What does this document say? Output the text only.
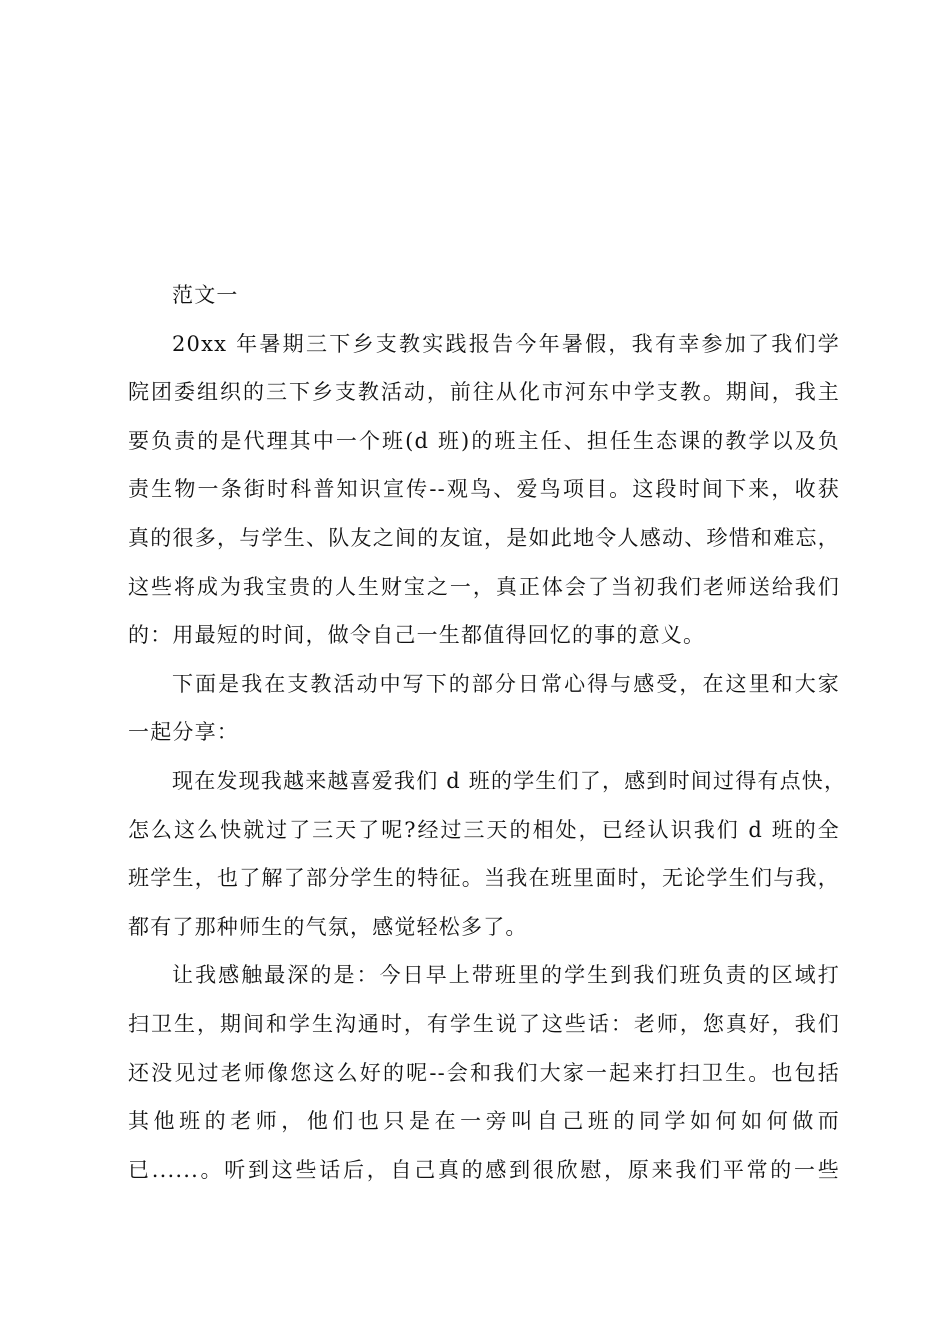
范文一

20xx 年暑期三下乡支教实践报告今年暑假，我有幸参加了我们学
院团委组织的三下乡支教活动，前往从化市河东中学支教。期间，我主
要负责的是代理其中一个班(d 班)的班主任、担任生态课的教学以及负
责生物一条街时科普知识宣传--观鸟、爱鸟项目。这段时间下来，收获
真的很多，与学生、队友之间的友谊，是如此地令人感动、珍惜和难忘，
这些将成为我宝贵的人生财宝之一，真正体会了当初我们老师送给我们
的：用最短的时间，做令自己一生都值得回忆的事的意义。

下面是我在支教活动中写下的部分日常心得与感受，在这里和大家
一起分享：

现在发现我越来越喜爱我们 d 班的学生们了，感到时间过得有点快，
怎么这么快就过了三天了呢?经过三天的相处，已经认识我们 d 班的全
班学生，也了解了部分学生的特征。当我在班里面时，无论学生们与我，
都有了那种师生的气氛，感觉轻松多了。

让我感触最深的是：今日早上带班里的学生到我们班负责的区域打
扫卫生，期间和学生沟通时，有学生说了这些话：老师，您真好，我们
还没见过老师像您这么好的呢--会和我们大家一起来打扫卫生。也包括
其他班的老师，他们也只是在一旁叫自己班的同学如何如何做而
已......。听到这些话后，自己真的感到很欣慰，原来我们平常的一些
